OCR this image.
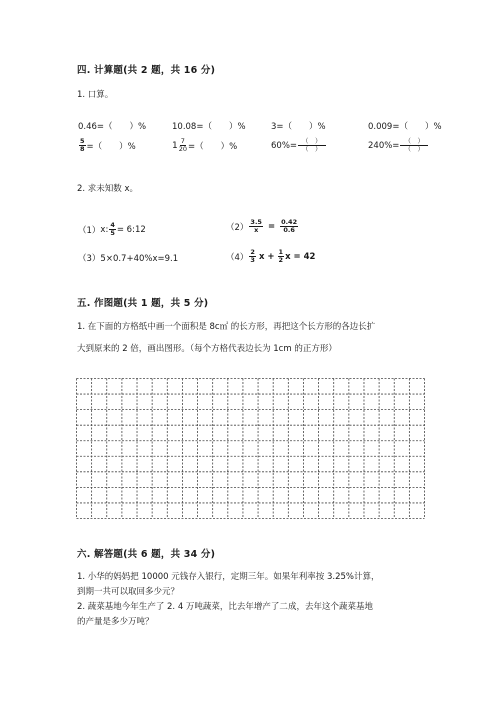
四. 计算题(共 2 题，共 16 分)
1. 口算。
0.46=（　　）%	10.08=（　　）%	3=（　　）%	0.009=（　　）%
$\frac{5}{8}$ =（　　）%	$1 \frac{7}{20}$ =（　　）%	$60\%= \frac{( )}{( )}$	$240\%= \frac{( )}{( )}$
2. 求未知数 x。
（1） x: $\frac{4}{5}$ = 6:12	$(2) \frac{3.5}{x} = \frac{0.42}{0.6}$
（3）5×0.7+40%x=9.1	$(4) \frac{2}{3}$ $x + \frac{1}{2}$ x = 42
五. 作图题(共 1 题，共 5 分)
1. 在下面的方格纸中画一个面积是 8c㎡ 的长方形，再把这个长方形的各边长扩
大到原来的 2 倍，画出图形。（每个方格代表边长为 1cm 的正方形）
六. 解答题(共 6 题，共 34 分)
1. 小华的妈妈把 10000 元钱存入银行，定期三年。如果年利率按 3.25%计算，
到期一共可以取回多少元？
2. 蔬菜基地今年生产了 2. 4 万吨蔬菜，比去年增产了二成，去年这个蔬菜基地
的产量是多少万吨？
